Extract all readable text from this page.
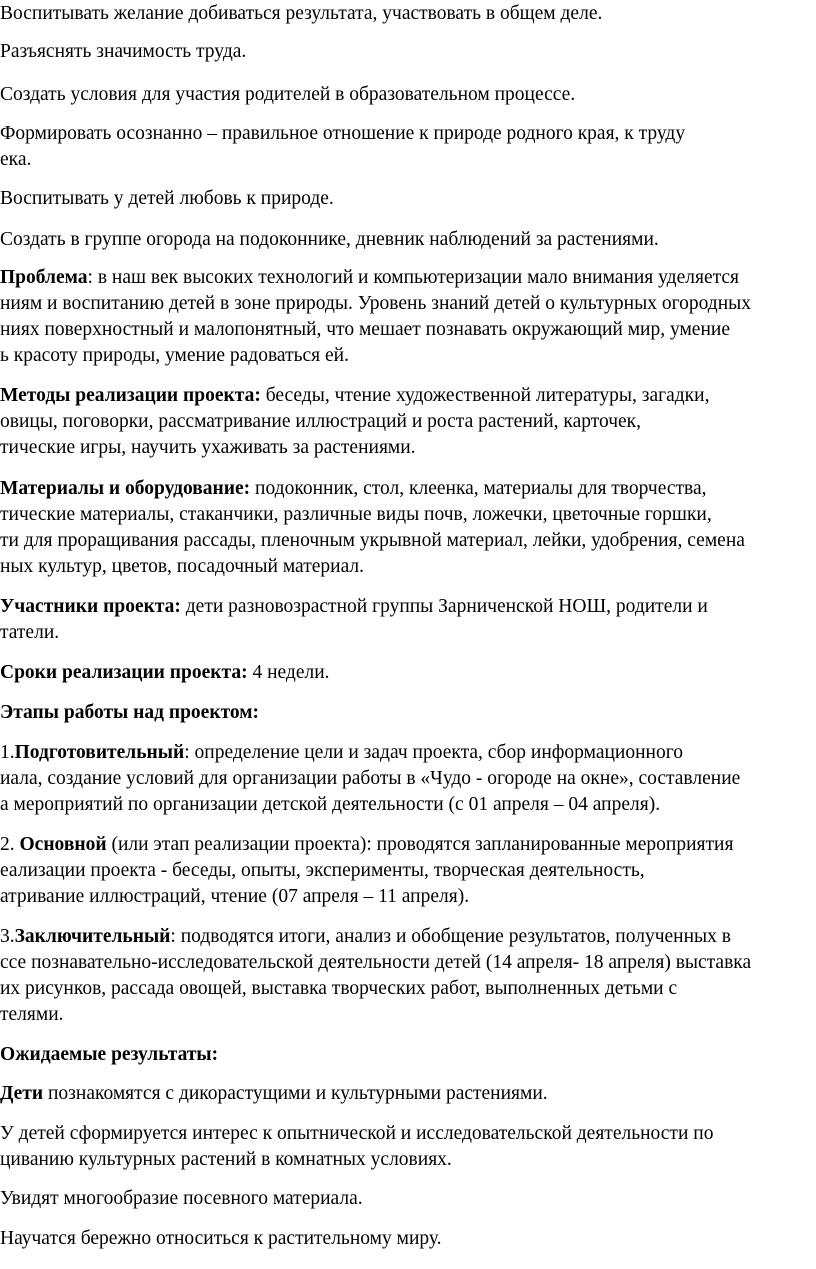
Воспитывать желание добиваться результата, участвовать в общем деле.
Разъяснять значимость труда.
Создать условия для участия родителей в образовательном процессе.
Формировать осознанно – правильное отношение к природе родного края, к труду
ека.
Воспитывать у детей любовь к природе.
Создать в группе огорода на подоконнике, дневник наблюдений за растениями.
Проблема: в наш век высоких технологий и компьютеризации мало внимания уделяется
ниям и воспитанию детей в зоне природы. Уровень знаний детей о культурных огородных
ниях поверхностный и малопонятный, что мешает познавать окружающий мир, умение
ь красоту природы, умение радоваться ей.
Методы реализации проекта: беседы, чтение художественной литературы, загадки,
овицы, поговорки, рассматривание иллюстраций и роста растений, карточек,
тические игры, научить ухаживать за растениями.
Материалы и оборудование: подоконник, стол, клеенка, материалы для творчества,
тические материалы, стаканчики, различные виды почв, ложечки, цветочные горшки,
ти для проращивания рассады, пленочным укрывной материал, лейки, удобрения, семена
ных культур, цветов, посадочный материал.
Участники проекта: дети разновозрастной группы Зарниченской НОШ, родители и
татели.
Сроки реализации проекта: 4 недели.
Этапы работы над проектом:
1.Подготовительный: определение цели и задач проекта, сбор информационного
иала, создание условий для организации работы в «Чудо - огороде на окне», составление
а мероприятий по организации детской деятельности (с 01 апреля – 04 апреля).
2. Основной (или этап реализации проекта): проводятся запланированные мероприятия
еализации проекта - беседы, опыты, эксперименты, творческая деятельность,
атривание иллюстраций, чтение (07 апреля – 11 апреля).
3.Заключительный: подводятся итоги, анализ и обобщение результатов, полученных в
ссе познавательно-исследовательской деятельности детей (14 апреля- 18 апреля) выставка
их рисунков, рассада овощей, выставка творческих работ, выполненных детьми с
телями.
Ожидаемые результаты:
Дети познакомятся с дикорастущими и культурными растениями.
У детей сформируется интерес к опытнической и исследовательской деятельности по
циванию культурных растений в комнатных условиях.
Увидят многообразие посевного материала.
Научатся бережно относиться к растительному миру.
